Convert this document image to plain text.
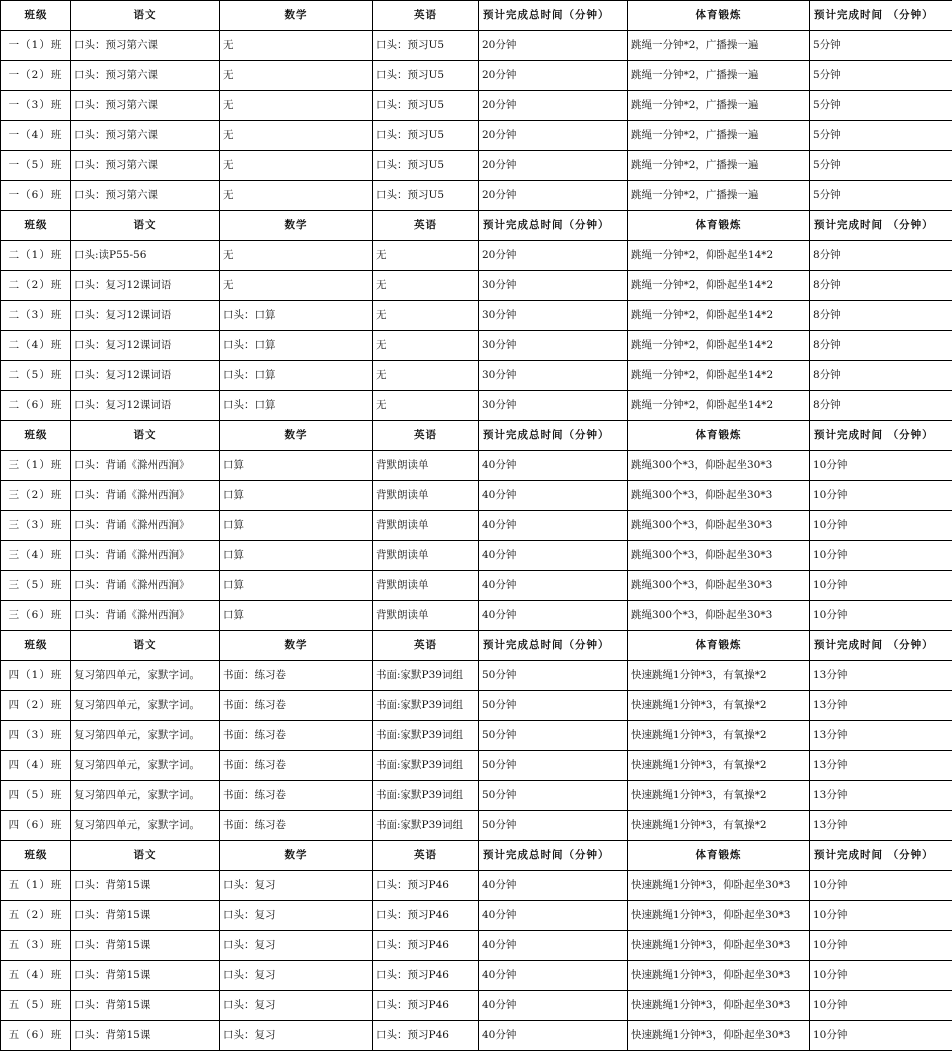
班级	语文	数学	英语	预计完成总时间（分钟）	体育锻炼	预计完成时间 （分钟）
一（1）班	口头：预习第六课	无	口头：预习U5	20分钟	跳绳一分钟*2，广播操一遍	5分钟
一（2）班	口头：预习第六课	无	口头：预习U5	20分钟	跳绳一分钟*2，广播操一遍	5分钟
一（3）班	口头：预习第六课	无	口头：预习U5	20分钟	跳绳一分钟*2，广播操一遍	5分钟
一（4）班	口头：预习第六课	无	口头：预习U5	20分钟	跳绳一分钟*2，广播操一遍	5分钟
一（5）班	口头：预习第六课	无	口头：预习U5	20分钟	跳绳一分钟*2，广播操一遍	5分钟
一（6）班	口头：预习第六课	无	口头：预习U5	20分钟	跳绳一分钟*2，广播操一遍	5分钟
班级	语文	数学	英语	预计完成总时间（分钟）	体育锻炼	预计完成时间 （分钟）
二（1）班	口头:读P55-56	无	无	20分钟	跳绳一分钟*2，仰卧起坐14*2	8分钟
二（2）班	口头：复习12课词语	无	无	30分钟	跳绳一分钟*2，仰卧起坐14*2	8分钟
二（3）班	口头：复习12课词语	口头：口算	无	30分钟	跳绳一分钟*2，仰卧起坐14*2	8分钟
二（4）班	口头：复习12课词语	口头：口算	无	30分钟	跳绳一分钟*2，仰卧起坐14*2	8分钟
二（5）班	口头：复习12课词语	口头：口算	无	30分钟	跳绳一分钟*2，仰卧起坐14*2	8分钟
二（6）班	口头：复习12课词语	口头：口算	无	30分钟	跳绳一分钟*2，仰卧起坐14*2	8分钟
班级	语文	数学	英语	预计完成总时间（分钟）	体育锻炼	预计完成时间 （分钟）
三（1）班	口头：背诵《滁州西涧》	口算	背默朗读单	40分钟	跳绳300个*3，仰卧起坐30*3	10分钟
三（2）班	口头：背诵《滁州西涧》	口算	背默朗读单	40分钟	跳绳300个*3，仰卧起坐30*3	10分钟
三（3）班	口头：背诵《滁州西涧》	口算	背默朗读单	40分钟	跳绳300个*3，仰卧起坐30*3	10分钟
三（4）班	口头：背诵《滁州西涧》	口算	背默朗读单	40分钟	跳绳300个*3，仰卧起坐30*3	10分钟
三（5）班	口头：背诵《滁州西涧》	口算	背默朗读单	40分钟	跳绳300个*3，仰卧起坐30*3	10分钟
三（6）班	口头：背诵《滁州西涧》	口算	背默朗读单	40分钟	跳绳300个*3，仰卧起坐30*3	10分钟
班级	语文	数学	英语	预计完成总时间（分钟）	体育锻炼	预计完成时间 （分钟）
四（1）班	复习第四单元，家默字词。	书面：练习卷	书面:家默P39词组	50分钟	快速跳绳1分钟*3，有氧操*2	13分钟
四（2）班	复习第四单元，家默字词。	书面：练习卷	书面:家默P39词组	50分钟	快速跳绳1分钟*3，有氧操*2	13分钟
四（3）班	复习第四单元，家默字词。	书面：练习卷	书面:家默P39词组	50分钟	快速跳绳1分钟*3，有氧操*2	13分钟
四（4）班	复习第四单元，家默字词。	书面：练习卷	书面:家默P39词组	50分钟	快速跳绳1分钟*3，有氧操*2	13分钟
四（5）班	复习第四单元，家默字词。	书面：练习卷	书面:家默P39词组	50分钟	快速跳绳1分钟*3，有氧操*2	13分钟
四（6）班	复习第四单元，家默字词。	书面：练习卷	书面:家默P39词组	50分钟	快速跳绳1分钟*3，有氧操*2	13分钟
班级	语文	数学	英语	预计完成总时间（分钟）	体育锻炼	预计完成时间 （分钟）
五（1）班	口头：背第15课	口头：复习	口头：预习P46	40分钟	快速跳绳1分钟*3，仰卧起坐30*3	10分钟
五（2）班	口头：背第15课	口头：复习	口头：预习P46	40分钟	快速跳绳1分钟*3，仰卧起坐30*3	10分钟
五（3）班	口头：背第15课	口头：复习	口头：预习P46	40分钟	快速跳绳1分钟*3，仰卧起坐30*3	10分钟
五（4）班	口头：背第15课	口头：复习	口头：预习P46	40分钟	快速跳绳1分钟*3，仰卧起坐30*3	10分钟
五（5）班	口头：背第15课	口头：复习	口头：预习P46	40分钟	快速跳绳1分钟*3，仰卧起坐30*3	10分钟
五（6）班	口头：背第15课	口头：复习	口头：预习P46	40分钟	快速跳绳1分钟*3，仰卧起坐30*3	10分钟
